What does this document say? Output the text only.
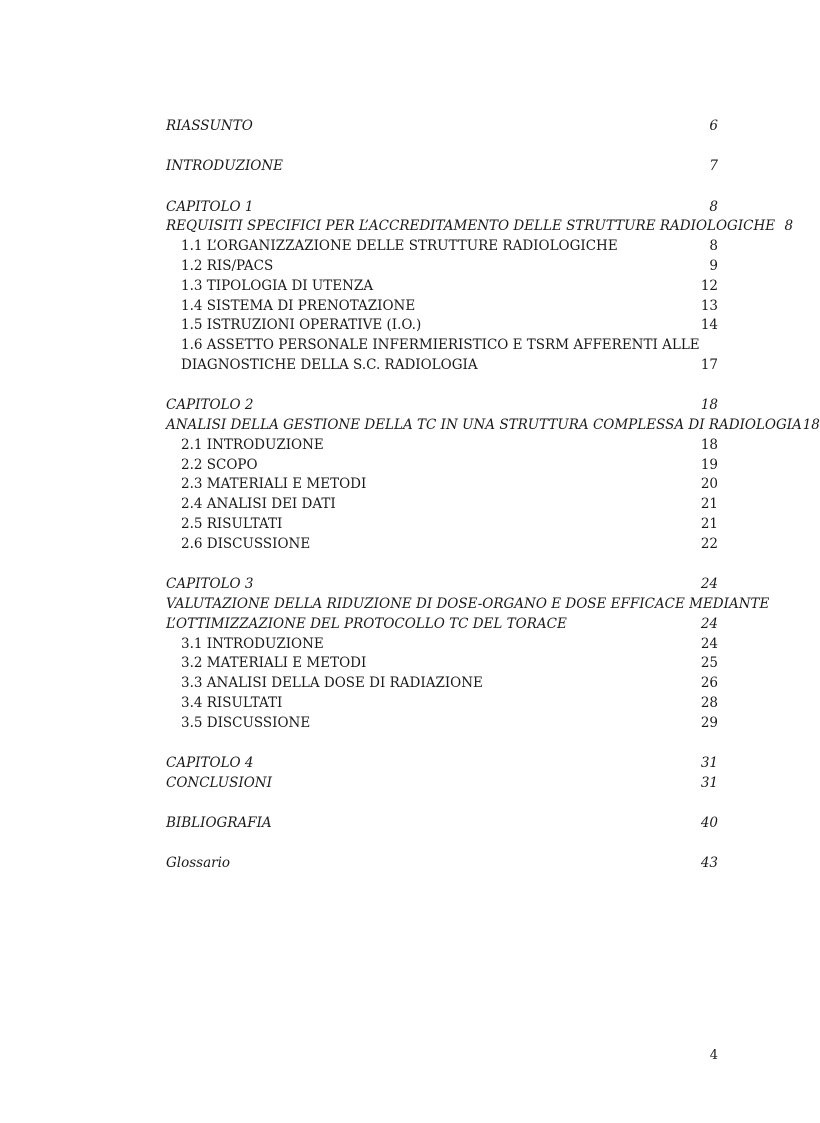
RIASSUNTO	6
INTRODUZIONE	7
CAPITOLO 1	8
REQUISITI SPECIFICI PER L’ACCREDITAMENTO DELLE STRUTTURE RADIOLOGICHE 8
1.1 L’ORGANIZZAZIONE DELLE STRUTTURE RADIOLOGICHE	8
1.2 RIS/PACS	9
1.3 TIPOLOGIA DI UTENZA	12
1.4 SISTEMA DI PRENOTAZIONE	13
1.5 ISTRUZIONI OPERATIVE (I.O.)	14
1.6 ASSETTO PERSONALE INFERMIERISTICO E TSRM AFFERENTI ALLE
DIAGNOSTICHE DELLA S.C. RADIOLOGIA	17
CAPITOLO 2	18
ANALISI DELLA GESTIONE DELLA TC IN UNA STRUTTURA COMPLESSA DI RADIOLOGIA 18
2.1 INTRODUZIONE	18
2.2 SCOPO	19
2.3 MATERIALI E METODI	20
2.4 ANALISI DEI DATI	21
2.5 RISULTATI	21
2.6 DISCUSSIONE	22
CAPITOLO 3	24
VALUTAZIONE DELLA RIDUZIONE DI DOSE-ORGANO E DOSE EFFICACE MEDIANTE
L’OTTIMIZZAZIONE DEL PROTOCOLLO TC DEL TORACE	24
3.1 INTRODUZIONE	24
3.2 MATERIALI E METODI	25
3.3 ANALISI DELLA DOSE DI RADIAZIONE	26
3.4 RISULTATI	28
3.5 DISCUSSIONE	29
CAPITOLO 4	31
CONCLUSIONI	31
BIBLIOGRAFIA	40
Glossario	43
4
